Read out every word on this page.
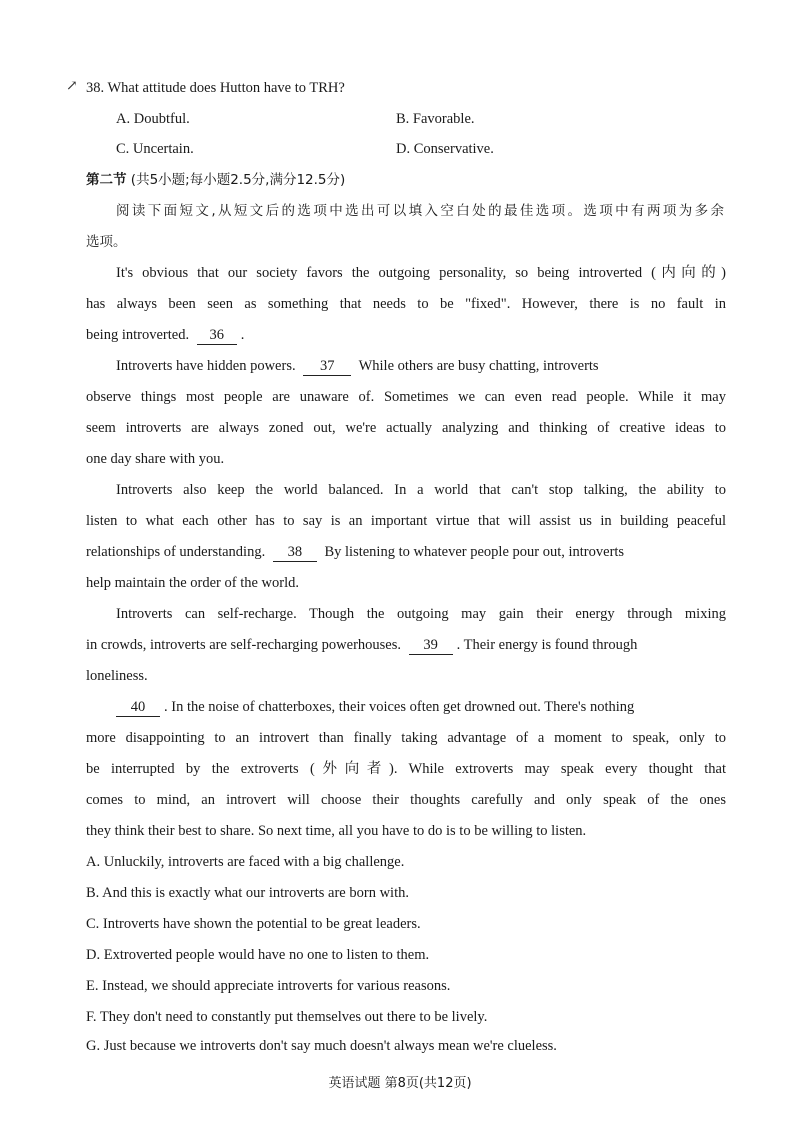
↗ 38. What attitude does Hutton have to TRH?
A. Doubtful.	B. Favorable.
C. Uncertain.	D. Conservative.
第二节 (共5小题;每小题2.5分,满分12.5分)
阅读下面短文,从短文后的选项中选出可以填入空白处的最佳选项。选项中有两项为多余
选项。
It's obvious that our society favors the outgoing personality, so being introverted (内向的)
has always been seen as something that needs to be "fixed". However, there is no fault in
being introverted. 36 .
Introverts have hidden powers. 37 While others are busy chatting, introverts
observe things most people are unaware of. Sometimes we can even read people. While it may
seem introverts are always zoned out, we're actually analyzing and thinking of creative ideas to
one day share with you.
Introverts also keep the world balanced. In a world that can't stop talking, the ability to
listen to what each other has to say is an important virtue that will assist us in building peaceful
relationships of understanding. 38 By listening to whatever people pour out, introverts
help maintain the order of the world.
Introverts can self-recharge. Though the outgoing may gain their energy through mixing
in crowds, introverts are self-recharging powerhouses. 39 . Their energy is found through
loneliness.
40 . In the noise of chatterboxes, their voices often get drowned out. There's nothing
more disappointing to an introvert than finally taking advantage of a moment to speak, only to
be interrupted by the extroverts (外向者). While extroverts may speak every thought that
comes to mind, an introvert will choose their thoughts carefully and only speak of the ones
they think their best to share. So next time, all you have to do is to be willing to listen.
A. Unluckily, introverts are faced with a big challenge.
B. And this is exactly what our introverts are born with.
C. Introverts have shown the potential to be great leaders.
D. Extroverted people would have no one to listen to them.
E. Instead, we should appreciate introverts for various reasons.
F. They don't need to constantly put themselves out there to be lively.
G. Just because we introverts don't say much doesn't always mean we're clueless.
英语试题 第8页(共12页)
